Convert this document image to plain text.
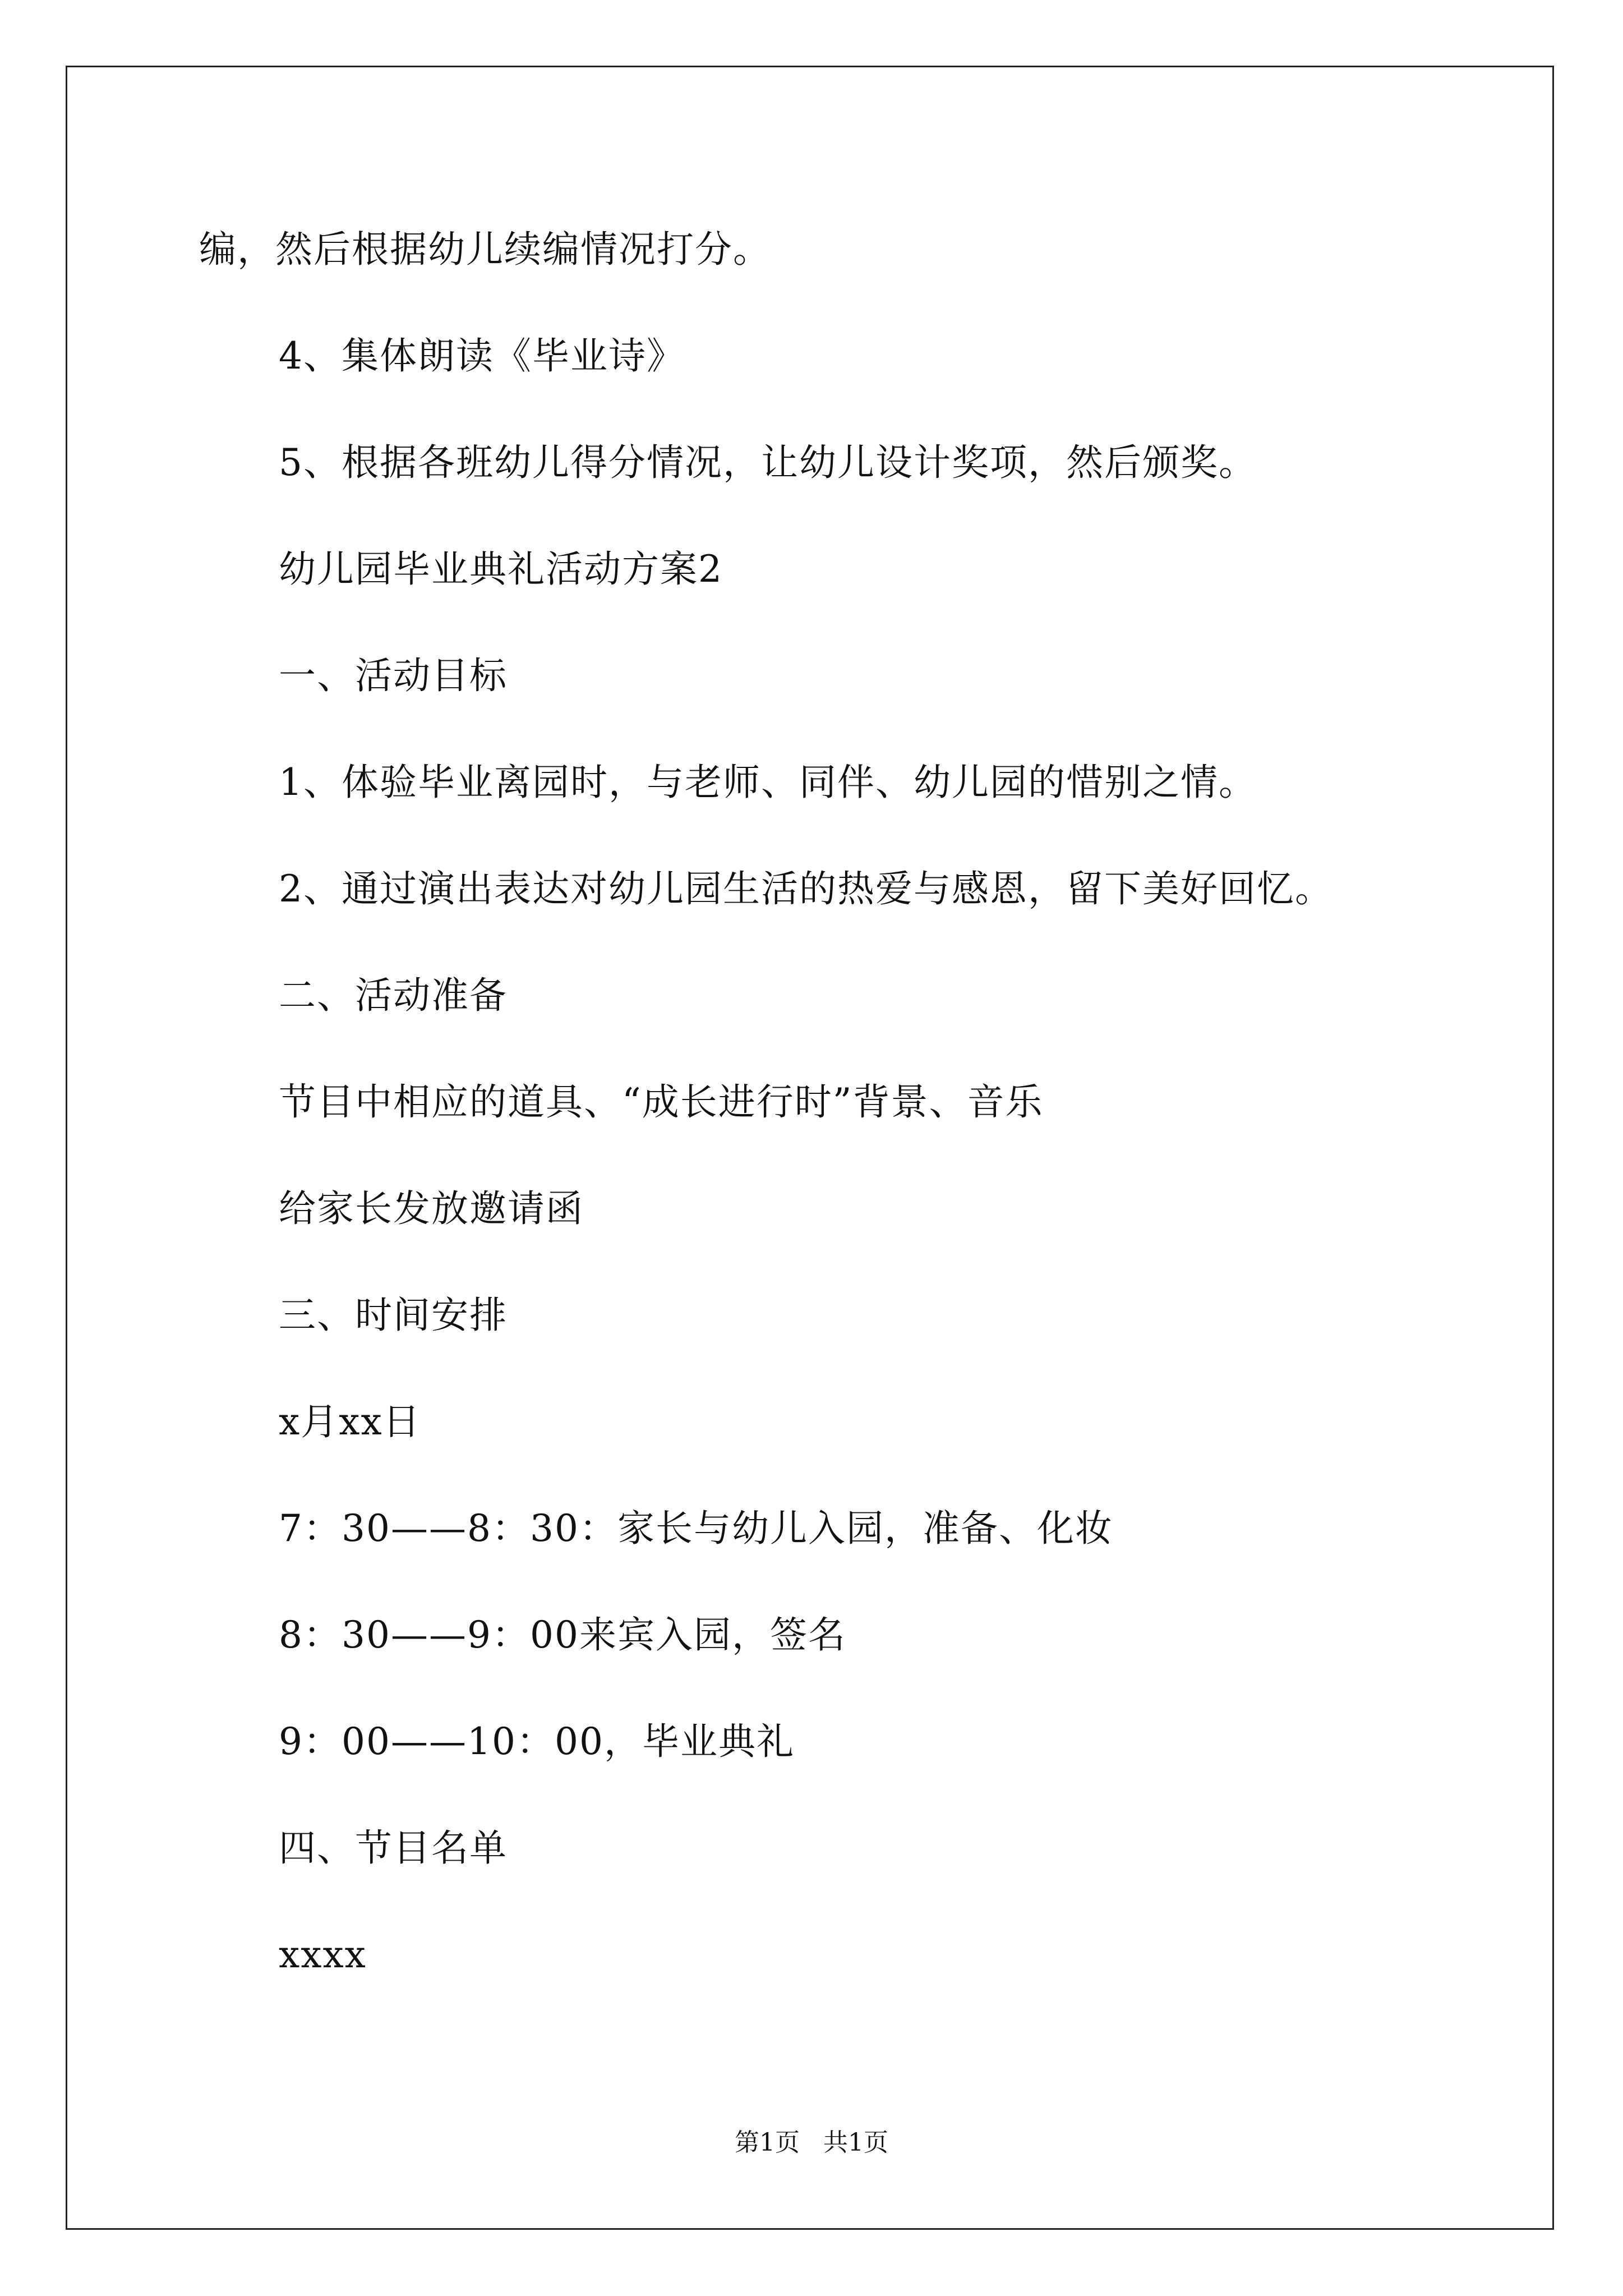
编，然后根据幼儿续编情况打分。
4、集体朗读《毕业诗》
5、根据各班幼儿得分情况，让幼儿设计奖项，然后颁奖。
幼儿园毕业典礼活动方案2
一、活动目标
1、体验毕业离园时，与老师、同伴、幼儿园的惜别之情。
2、通过演出表达对幼儿园生活的热爱与感恩，留下美好回忆。
二、活动准备
节目中相应的道具、“成长进行时”背景、音乐
给家长发放邀请函
三、时间安排
x月xx日
7：30——8：30：家长与幼儿入园，准备、化妆
8：30——9：00来宾入园，签名
9：00——10：00，毕业典礼
四、节目名单
xxxx
第1页   共1页
